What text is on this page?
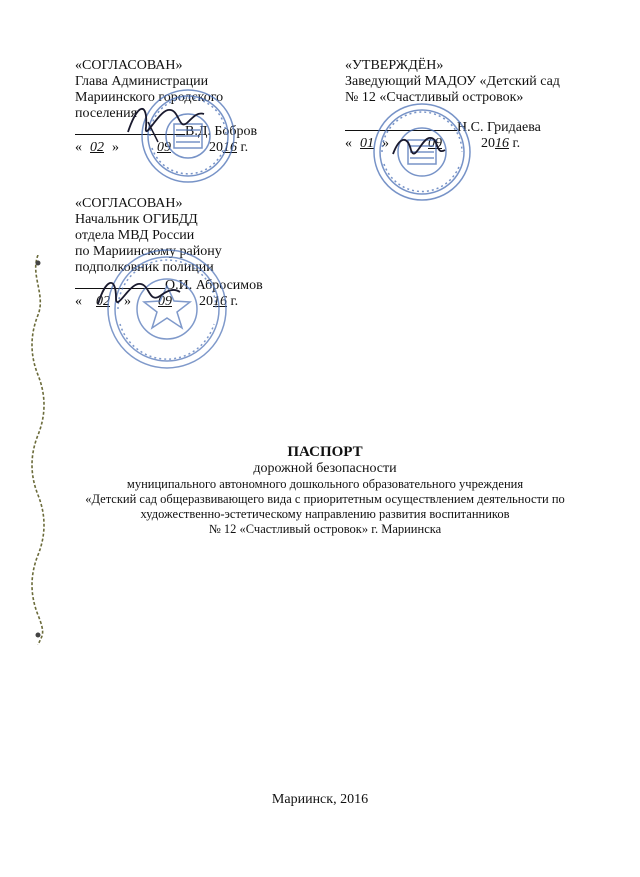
«СОГЛАСОВАН»
Глава Администрации
Мариинского городского
поселения
В.Д. Бобров
« 02 »	09	2016 г.
«УТВЕРЖДЁН»
Заведующий МАДОУ «Детский сад
№ 12 «Счастливый островок»
Н.С. Гридаева
« 01 »	09	2016 г.
«СОГЛАСОВАН»
Начальник ОГИБДД
отдела МВД России
по Мариинскому району
подполковник полиции
О.И. Абросимов
« 02 » 09 2016 г.
ПАСПОРТ
дорожной безопасности
муниципального автономного дошкольного образовательного учреждения
«Детский сад общеразвивающего вида с приоритетным осуществлением деятельности по
художественно-эстетическому направлению развития воспитанников
№ 12 «Счастливый островок» г. Мариинска
Мариинск, 2016
